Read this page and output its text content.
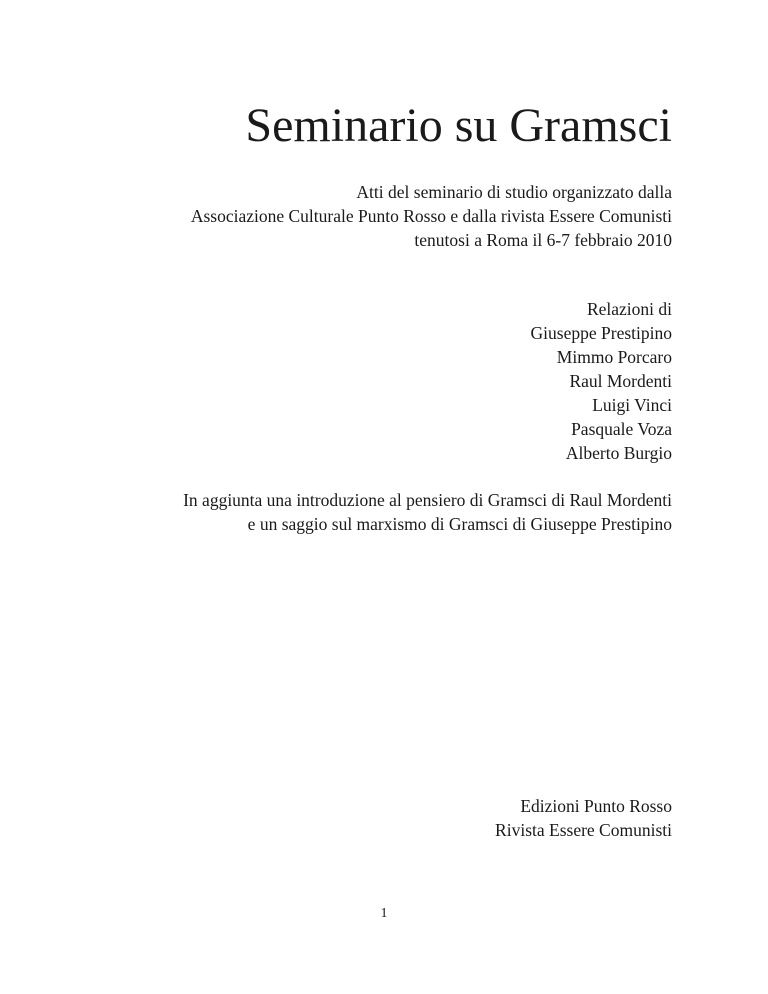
Seminario su Gramsci
Atti del seminario di studio organizzato dalla
Associazione Culturale Punto Rosso e dalla rivista Essere Comunisti
tenutosi a Roma il 6-7 febbraio 2010
Relazioni di
Giuseppe Prestipino
Mimmo Porcaro
Raul Mordenti
Luigi Vinci
Pasquale Voza
Alberto Burgio
In aggiunta una introduzione al pensiero di Gramsci di Raul Mordenti
e un saggio sul marxismo di Gramsci di Giuseppe Prestipino
Edizioni Punto Rosso
Rivista Essere Comunisti
1
